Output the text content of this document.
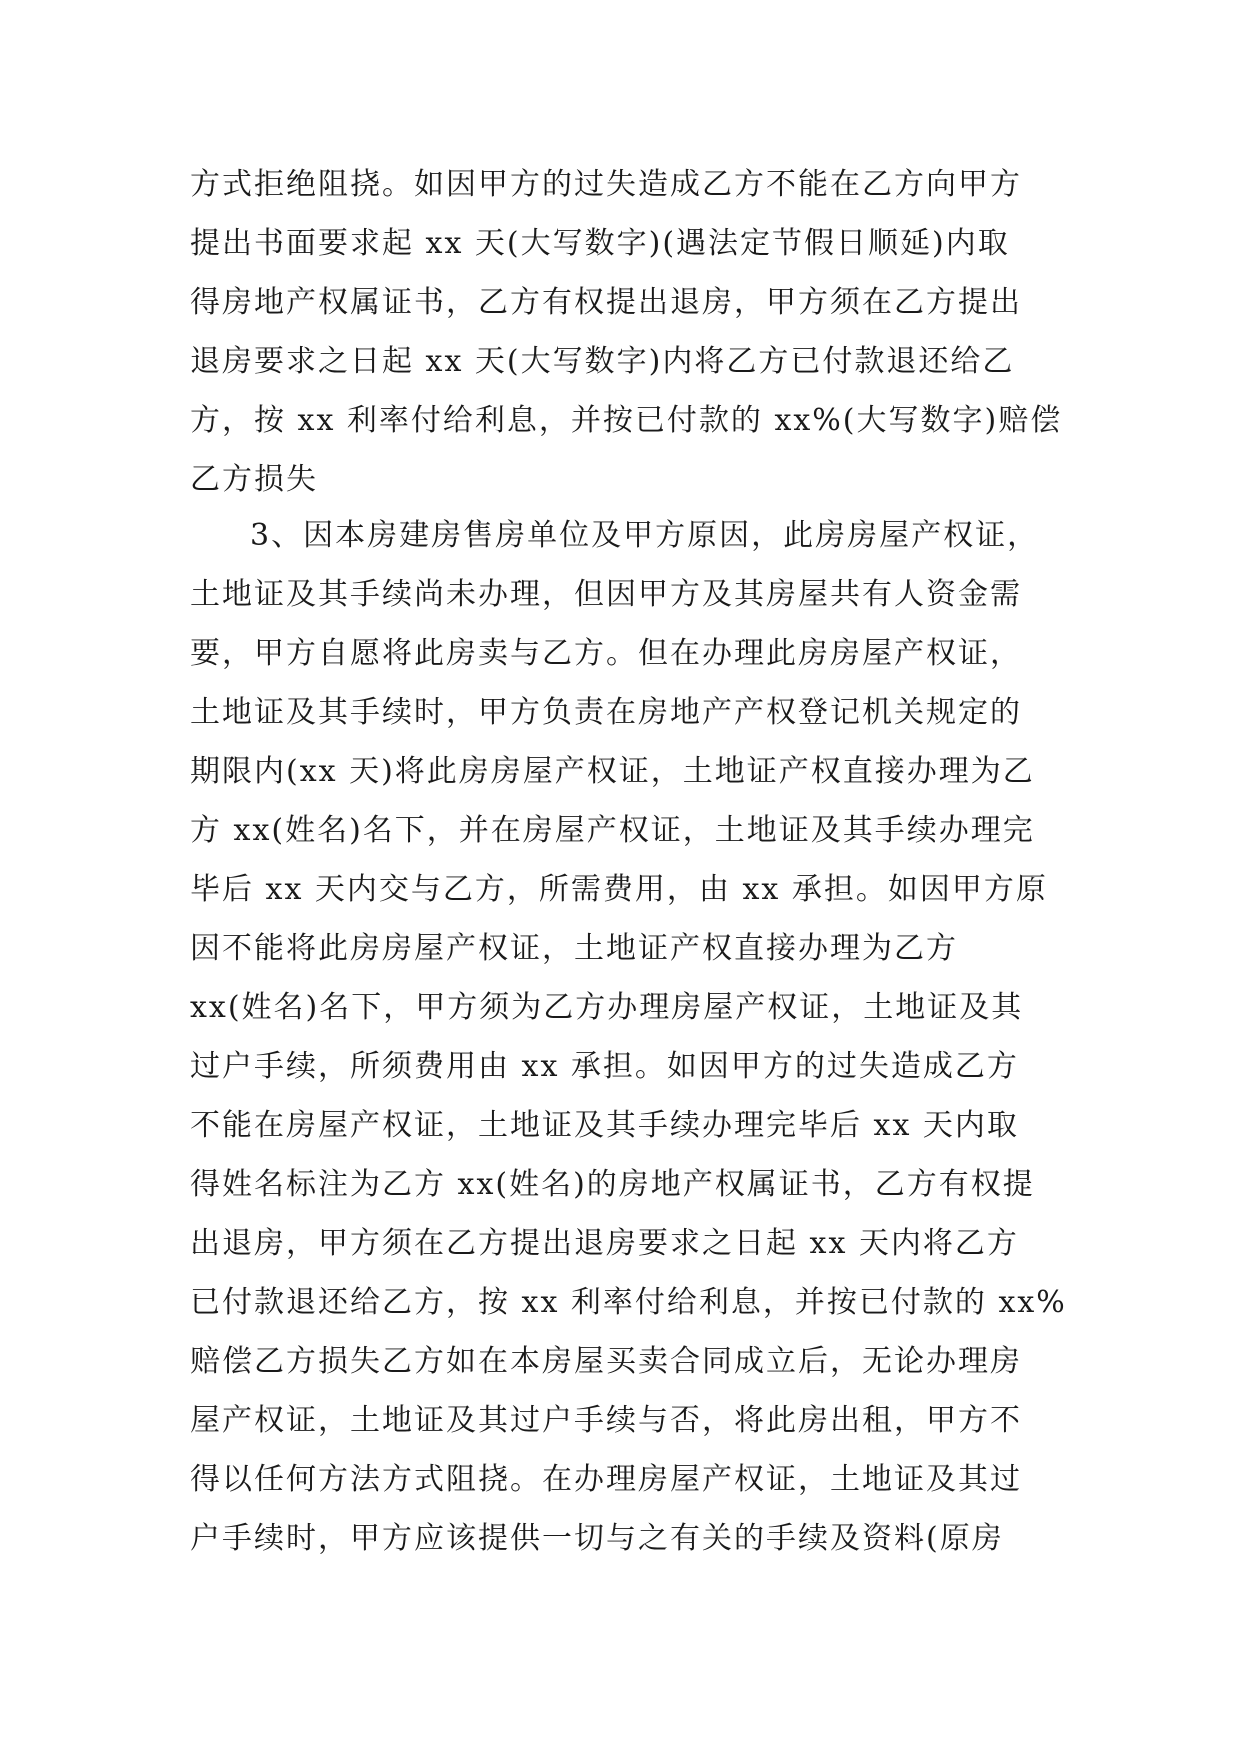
方式拒绝阻挠。如因甲方的过失造成乙方不能在乙方向甲方
提出书面要求起 xx 天(大写数字)(遇法定节假日顺延)内取
得房地产权属证书，乙方有权提出退房，甲方须在乙方提出
退房要求之日起 xx 天(大写数字)内将乙方已付款退还给乙
方，按 xx 利率付给利息，并按已付款的 xx%(大写数字)赔偿
乙方损失
3、因本房建房售房单位及甲方原因，此房房屋产权证，
土地证及其手续尚未办理，但因甲方及其房屋共有人资金需
要，甲方自愿将此房卖与乙方。但在办理此房房屋产权证，
土地证及其手续时，甲方负责在房地产产权登记机关规定的
期限内(xx 天)将此房房屋产权证，土地证产权直接办理为乙
方 xx(姓名)名下，并在房屋产权证，土地证及其手续办理完
毕后 xx 天内交与乙方，所需费用，由 xx 承担。如因甲方原
因不能将此房房屋产权证，土地证产权直接办理为乙方
xx(姓名)名下，甲方须为乙方办理房屋产权证，土地证及其
过户手续，所须费用由 xx 承担。如因甲方的过失造成乙方
不能在房屋产权证，土地证及其手续办理完毕后 xx 天内取
得姓名标注为乙方 xx(姓名)的房地产权属证书，乙方有权提
出退房，甲方须在乙方提出退房要求之日起 xx 天内将乙方
已付款退还给乙方，按 xx 利率付给利息，并按已付款的 xx%
赔偿乙方损失乙方如在本房屋买卖合同成立后，无论办理房
屋产权证，土地证及其过户手续与否，将此房出租，甲方不
得以任何方法方式阻挠。在办理房屋产权证，土地证及其过
户手续时，甲方应该提供一切与之有关的手续及资料(原房
